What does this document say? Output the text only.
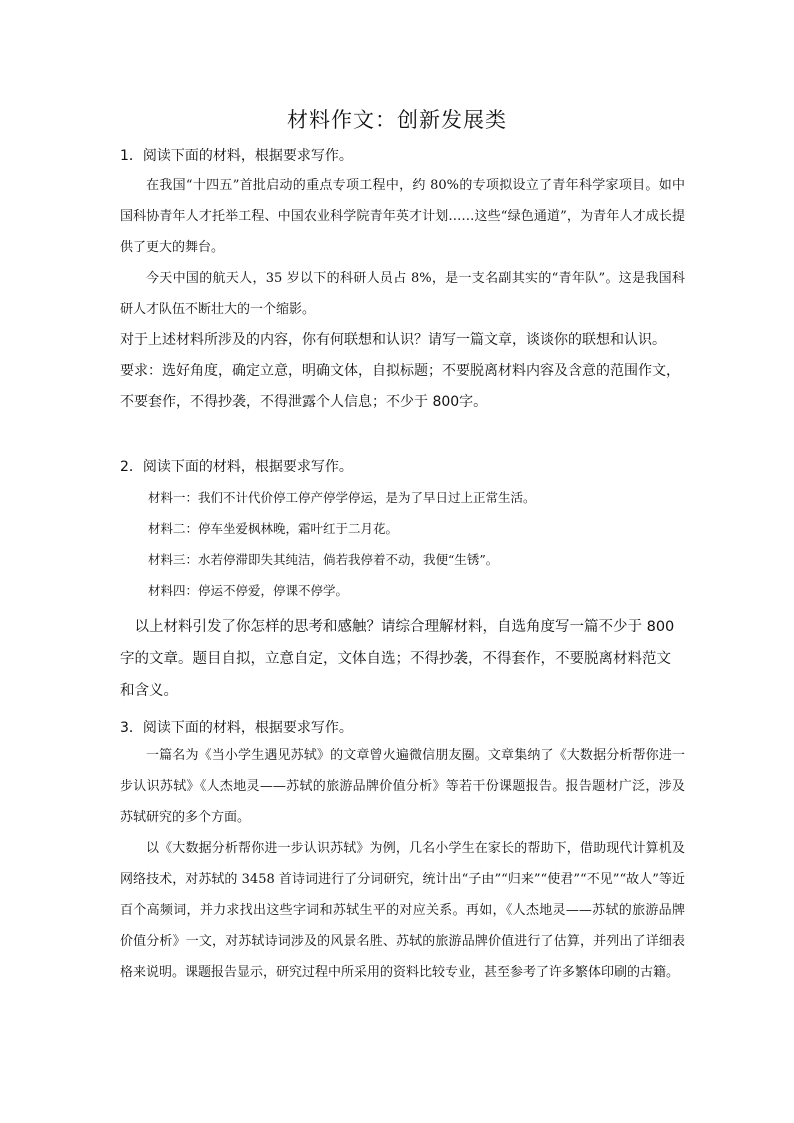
材料作文：创新发展类
1．阅读下面的材料，根据要求写作。

在我国“十四五”首批启动的重点专项工程中，约 80%的专项拟设立了青年科学家项目。如中国科协青年人才托举工程、中国农业科学院青年英才计划……这些“绿色通道”，为青年人才成长提供了更大的舞台。

今天中国的航天人，35 岁以下的科研人员占 8%，是一支名副其实的“青年队”。这是我国科研人才队伍不断壮大的一个缩影。

对于上述材料所涉及的内容，你有何联想和认识？请写一篇文章，谈谈你的联想和认识。

要求：选好角度，确定立意，明确文体，自拟标题；不要脱离材料内容及含意的范围作文，不要套作，不得抄袭，不得泄露个人信息；不少于 800字。

2．阅读下面的材料，根据要求写作。
材料一：我们不计代价停工停产停学停运，是为了早日过上正常生活。
材料二：停车坐爱枫林晚，霜叶红于二月花。
材料三：水若停滞即失其纯洁，倘若我停着不动，我便“生锈”。
材料四：停运不停爱，停课不停学。

以上材料引发了你怎样的思考和感触？请综合理解材料，自选角度写一篇不少于 800字的文章。题目自拟，立意自定，文体自选；不得抄袭，不得套作，不要脱离材料范文和含义。

3．阅读下面的材料，根据要求写作。

一篇名为《当小学生遇见苏轼》的文章曾火遍微信朋友圈。文章集纳了《大数据分析帮你进一步认识苏轼》《人杰地灵——苏轼的旅游品牌价值分析》等若干份课题报告。报告题材广泛，涉及苏轼研究的多个方面。

以《大数据分析帮你进一步认识苏轼》为例，几名小学生在家长的帮助下，借助现代计算机及网络技术，对苏轼的 3458 首诗词进行了分词研究，统计出“子由”“归来”“使君”“不见”“故人”等近百个高频词，并力求找出这些字词和苏轼生平的对应关系。再如，《人杰地灵——苏轼的旅游品牌价值分析》一文，对苏轼诗词涉及的风景名胜、苏轼的旅游品牌价值进行了估算，并列出了详细表格来说明。课题报告显示，研究过程中所采用的资料比较专业，甚至参考了许多繁体印刷的古籍。
